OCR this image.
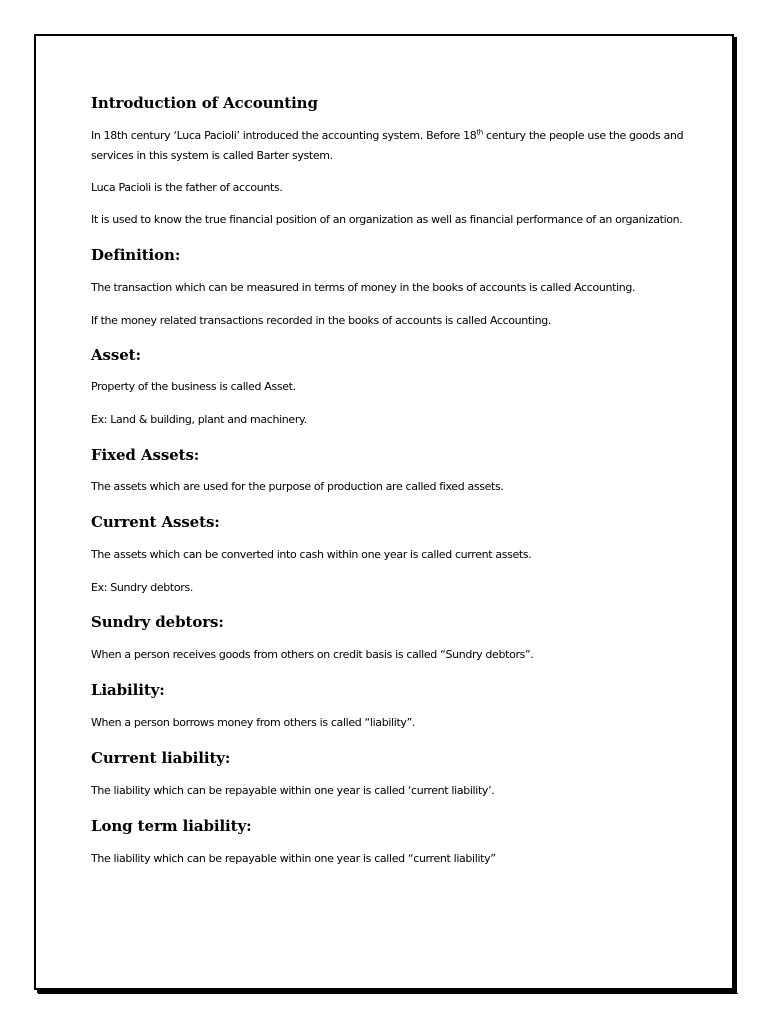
Introduction of Accounting

In 18th century ‘Luca Pacioli’ introduced the accounting system. Before 18th century the people use the goods and services in this system is called Barter system.

Luca Pacioli is the father of accounts.

It is used to know the true financial position of an organization as well as financial performance of an organization.

Definition:

The transaction which can be measured in terms of money in the books of accounts is called Accounting.

If the money related transactions recorded in the books of accounts is called Accounting.

Asset:

Property of the business is called Asset.

Ex: Land & building, plant and machinery.

Fixed Assets:

The assets which are used for the purpose of production are called fixed assets.

Current Assets:

The assets which can be converted into cash within one year is called current assets.

Ex: Sundry debtors.

Sundry debtors:

When a person receives goods from others on credit basis is called “Sundry debtors”.

Liability:

When a person borrows money from others is called “liability”.

Current liability:

The liability which can be repayable within one year is called ‘current liability’.

Long term liability:

The liability which can be repayable within one year is called “current liability”
